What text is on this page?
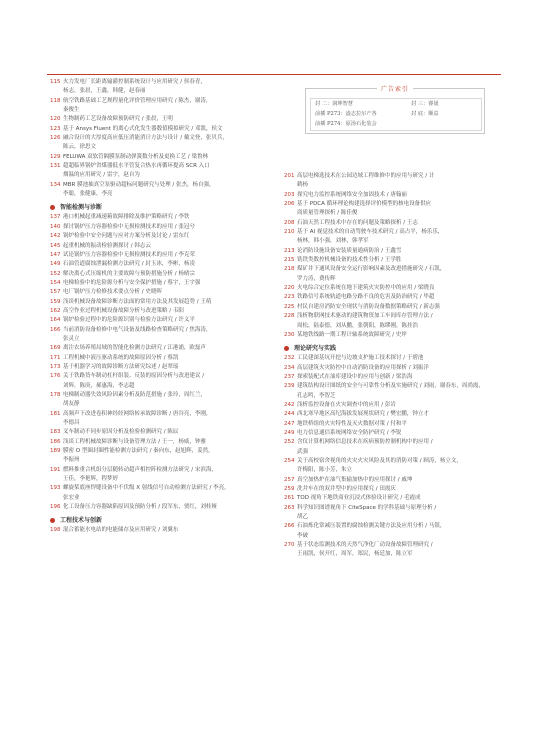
广告索引
封 二：润坤智慧	封 三：睿晟
前插 P273：盎志拉尔产各	封 底：顺益
前插 P274：原汤石化装会
115 火力发电厂长距离输灌控制系统设计与应用研究 / 侯春青，
杨志，张晨，王鑫，韩健，赵春丽
118 航空铁路基础工艺规程量化评价管理应用研究 / 陈杰，谢涛，
秦俊生
120 生物制药工艺设备故障预防研究 / 张晨，王明
123 基于 Ansys Fluent 的离心式化发生器数值模拟研究 / 邓凯，侯文
126 融合设计的大厚度高应低压消能消计方法与设计 / 戴文登，张贝兵，
陈云，徐思文
129 FELUWA 双软管隔膜泵制动弹簧数分析及更换工艺 / 梁鲁林
131 超超临界锅炉省煤器低水平管复合热水再循环提高 SCR 入口
烟温的应用研究 / 雷宇，赵自为
134 MBR 膜池抽真空泵驱动超标问题研究与处理 / 张杰，杨自强，
李聪，张健康，李亮
智能检测与诊断
137 港口机械起重减速箱故障排除及维护策略研究 / 李铁
140 探讨锅炉压力容器检验中无损检测技术的应用 / 张冠兮
142 锅炉检验中安全问题与应对方案分析及讨论 / 雷东红
145 起重机械的振动检验测探讨 / 韩志云
147 试论锅炉压力容器检验中无损检测技术的应用 / 李克荣
149 石油管道腐蚀泄漏检测方法研究 / 封玉冰，李彬，杨凌
152 解决离心式压缩机的主要故障与预防措施分析 / 杨晴宗
154 电梯检验中的危险源分析与安全保护措施 / 蔡宇，王宇强
157 电厂锅炉压力检修技术要点分析 / 史晓晖
159 浅谈机械设备故障诊断方法面的常用方法及其发展趋势 / 王萌
162 高空作业过程机械设备故障分析与改进策略 / 韦阳
164 锅炉检验过程中的危险源识别与检验方法研究 / 许义平
166 当前消防设备检修中电气设备及线路检查策略研究 / 焦海涛，
张灵立
169 离注农场养殖局域的智能化检测方法研究 / 江港浦，欧磊声
171 工程机械中液压驱动系统的故障原因分析 / 蔡凯
173 基于机器学习的故障诊断方法研究综述 / 赵翠瑶
176 关于铁路货车制动杠杆组装、反装的原因分析与改进建议 /
刘辉，陈庚，郝惠海，李志超
178 电梯制动器失效风险因素分析及防范措施 / 张玲，周红兰，
胡友静
181 高频声下改进卷积神经经网络转承故障诊断 / 唐谷亮，李刚，
李德昌
183 叉车制动不同步原因分析及检验检测研究 / 陈辰
186 浅谈工程机械故障诊断与设备管理方法 / 王一，杨威，钟雅
189 膜密 O 型圈封圈性能检测方法研究 / 秦向东，赵旭辉，姜然，
李振州
191 燃料推重合机组分层随转动超声相控阵检测方法研究 / 宋滨海，
王佳，李艳辉，程梦婷
193 螺旋桨底座焊缝设备中不伏级 X 射线信号自动检测方法研究 / 李亮，
张宏业
196 化工设备压力容器缺陷原因及预防分析 / 段军东，贾红，刘桂娅
工程技术与创新
198 混合蓄能水电站的电能储存及应用研究 / 刘翼东
201 高层电梯选技术在公园边域工程维修中的应用与研究 / 计
鹤杨
203 探究电力监控系统网络安全加固技术 / 唐翰丽
206 基于 PDCA 循环理论构建选择评价模型的核电设备供应
商质量管理探析 / 陈佳俊
208 石油天然工程技术中存在的问题及策略探析 / 王志
210 基于 AI 视觉技术的自动驾驶车技术研究 / 高占平，杨乐乐，
杨林，韩小强，刘林，韩孝军
213 论消防设施设备安装质量通病防治 / 王鑫雪
215 铣铁类数控机械设备的技术性分析 / 王学胜
218 煤矿井下通风设备安全运行影响因素及改进措施研究 / 石凯，
罗力涛，费传辉
220 火电综合定位系统在地下建筑火灾防控中的应用 / 梁晓良
223 铁路信号系统轨道电路分路不良的危害及防治研究 / 毕超
225 村民自建房消防安全现状与消防设备数据策略研究 / 新志强
228 浅析物联网技术驱动的建筑物资加工车间库存管理方法 /
周松，陆泰德，刘从鹏，张朝阳，陈缪刚，陈挂浩
230 某地铁线路一期工程计轴系统故障研究 / 史坪
理论研究与实践
232 工民建深基坑开挖与边坡支护施工技术探讨 / 于碧池
234 高层建筑火灾防控中自动消防设备的应用探析 / 刘振洋
237 探索装配式在油库建设中的应用与创新 / 梁浩海
239 建筑结构设计图纸的安全与可靠性分析及实施研究 / 刘雨，谢春东，周尚霞，
孔志鸣，李智芝
242 浅析监控设备在火灾调查中的应用 / 彭岩
244 西北寒旱地区高纪海拔发展现状研究 / 樊宏鹏，钟立才
247 地铁桥组的火灾特性及灭火数据对策 / 付和平
249 电力信息通信系统网络安全防护研究 / 李锐
252 含仪计算机网络信息技术在疾病预防控制机构中的应用 /
武强
254 关于高校宿舍视角的火灾火灾风险及其的消防对策 / 顾涛，杨立文，
许梅阳，陈小芳，朱立
257 真空加热炉在油气集输加热中的应用探讨 / 戚坤
259 洗井车在的双井型中的应用探究 / 田霞庆
261 TOD 视角下地铁商业沉浸式体验设计研究 / 毛霞成
263 科学知识图谱视角下 CiteSpace 的学科基础与原理分析 /
胡乙
266 石油炼化常减压装置的腐蚀检测关键方法及应用分析 / 马银，
李破
270 基于状态监测技术的天然气净化厂动设备故障管理研究 /
王雨凯，侯开红，周军，郑民，杨廷加，陈立军
